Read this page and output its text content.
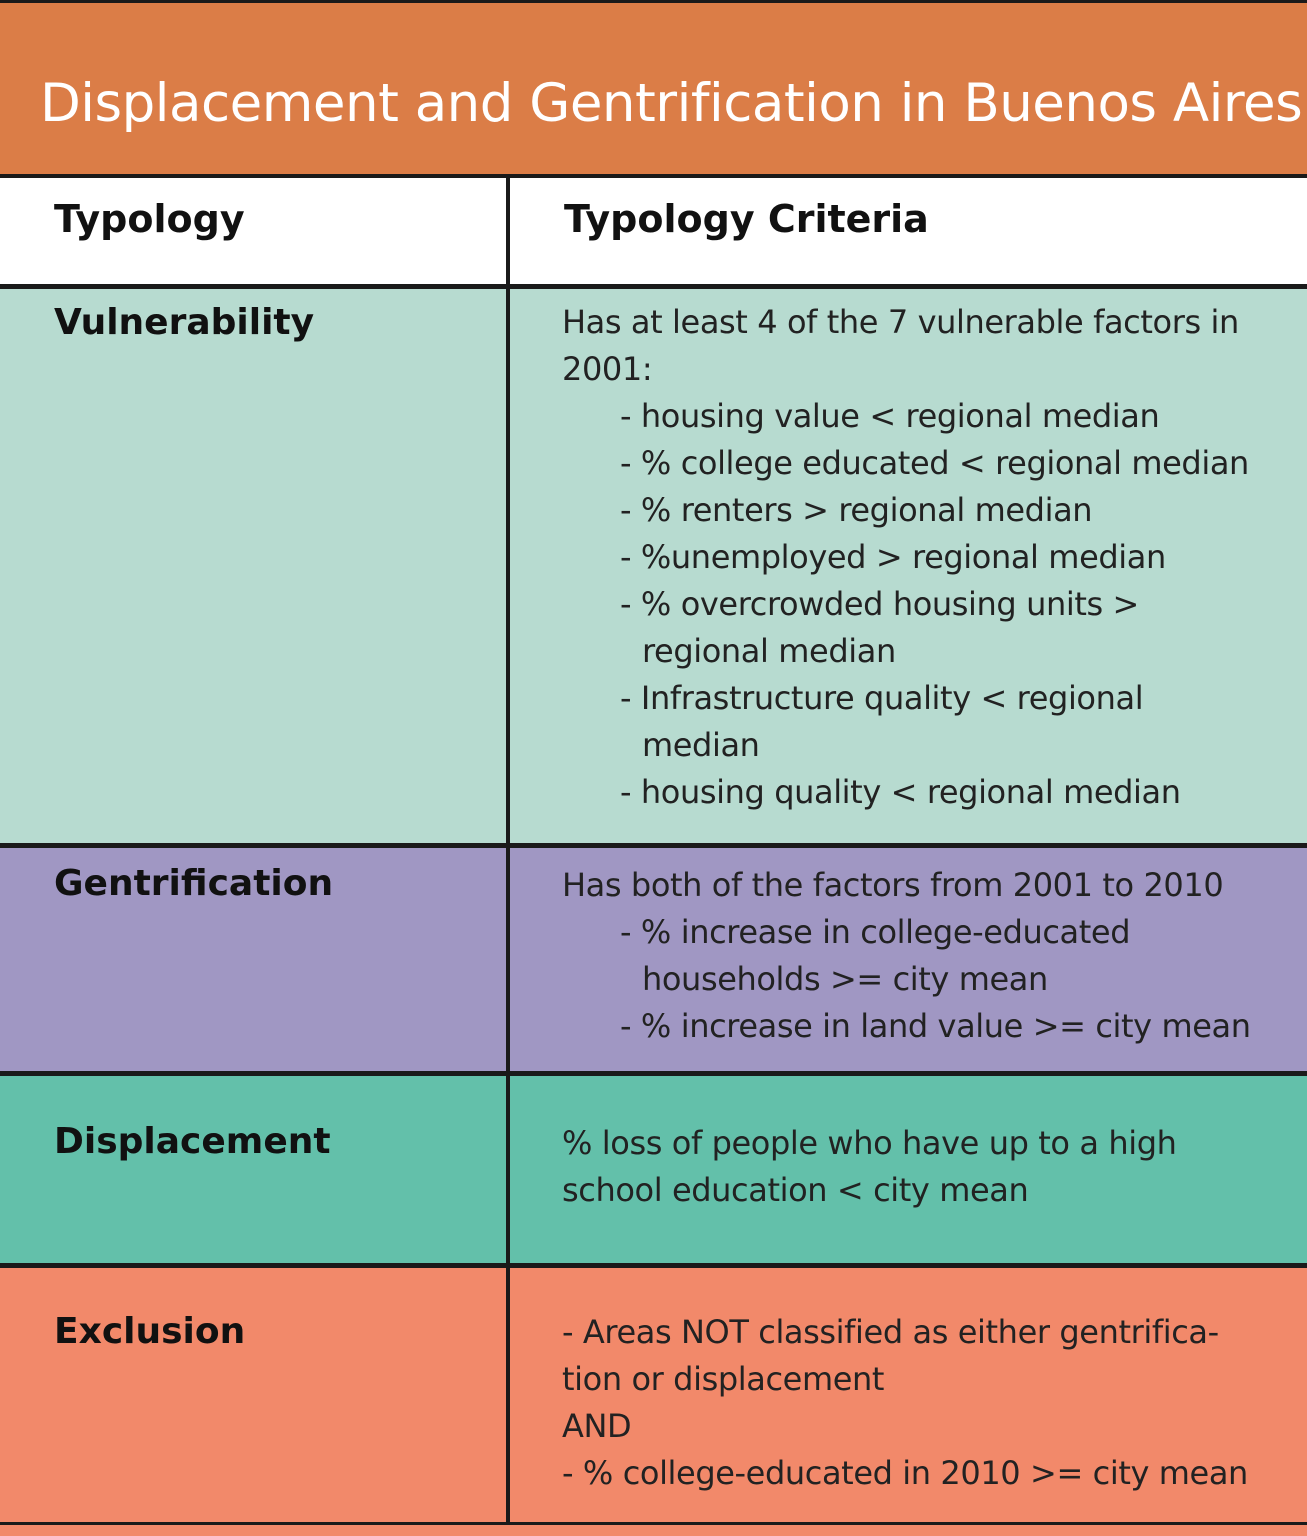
Displacement and Gentrification in Buenos Aires
Typology	Typology Criteria
Vulnerability	Has at least 4 of the 7 vulnerable factors in
2001:
- housing value < regional median
- % college educated < regional median
- % renters > regional median
- %unemployed > regional median
- % overcrowded housing units >
regional median
- Infrastructure quality < regional
median
- housing quality < regional median
Gentrification	Has both of the factors from 2001 to 2010
- % increase in college-educated
households >= city mean
- % increase in land value >= city mean
Displacement	% loss of people who have up to a high
school education < city mean
Exclusion	- Areas NOT classified as either gentrifica-
tion or displacement
AND
- % college-educated in 2010 >= city mean
